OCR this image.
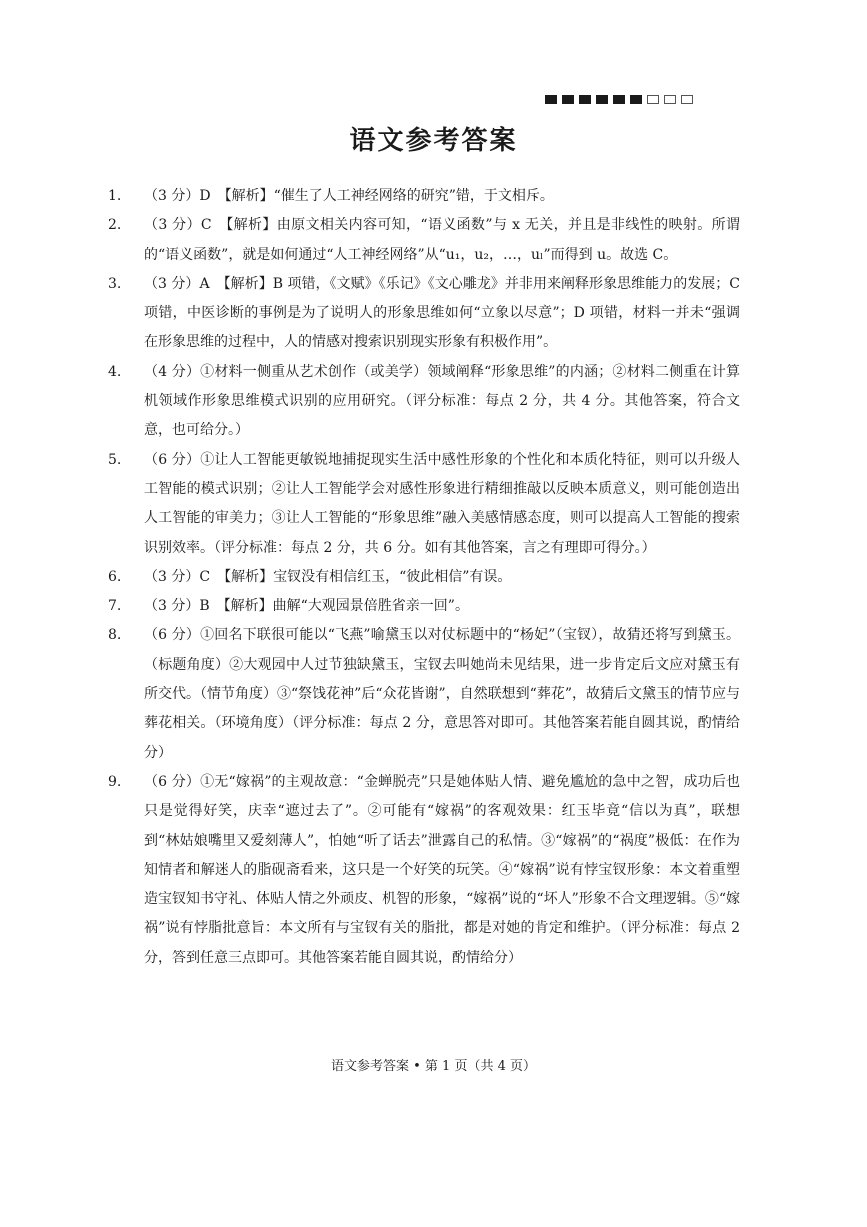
语文参考答案
1.	（3 分）D　【解析】“催生了人工神经网络的研究”错，于文相斥。
2.	（3 分）C　【解析】由原文相关内容可知，“语义函数”与 x 无关，并且是非线性的映射。所谓的“语义函数”，就是如何通过“人工神经网络”从“u₁，u₂，…，uₗ”而得到 u。故选 C。
3.	（3 分）A　【解析】B 项错，《文赋》《乐记》《文心雕龙》并非用来阐释形象思维能力的发展；C 项错，中医诊断的事例是为了说明人的形象思维如何“立象以尽意”；D 项错，材料一并未“强调在形象思维的过程中，人的情感对搜索识别现实形象有积极作用”。
4.	（4 分）①材料一侧重从艺术创作（或美学）领域阐释“形象思维”的内涵；②材料二侧重在计算机领域作形象思维模式识别的应用研究。（评分标准：每点 2 分，共 4 分。其他答案，符合文意，也可给分。）
5.	（6 分）①让人工智能更敏锐地捕捉现实生活中感性形象的个性化和本质化特征，则可以升级人工智能的模式识别；②让人工智能学会对感性形象进行精细推敲以反映本质意义，则可能创造出人工智能的审美力；③让人工智能的“形象思维”融入美感情感态度，则可以提高人工智能的搜索识别效率。（评分标准：每点 2 分，共 6 分。如有其他答案，言之有理即可得分。）
6.	（3 分）C　【解析】宝钗没有相信红玉，“彼此相信”有误。
7.	（3 分）B　【解析】曲解“大观园景倍胜省亲一回”。
8.	（6 分）①回名下联很可能以“飞燕”喻黛玉以对仗标题中的“杨妃”（宝钗），故猜还将写到黛玉。（标题角度）②大观园中人过节独缺黛玉，宝钗去叫她尚未见结果，进一步肯定后文应对黛玉有所交代。（情节角度）③“祭饯花神”后“众花皆谢”，自然联想到“葬花”，故猜后文黛玉的情节应与葬花相关。（环境角度）（评分标准：每点 2 分，意思答对即可。其他答案若能自圆其说，酌情给分）
9.	（6 分）①无“嫁祸”的主观故意：“金蝉脱壳”只是她体贴人情、避免尴尬的急中之智，成功后也只是觉得好笑，庆幸“遮过去了”。②可能有“嫁祸”的客观效果：红玉毕竟“信以为真”，联想到“林姑娘嘴里又爱刻薄人”，怕她“听了话去”泄露自己的私情。③“嫁祸”的“祸度”极低：在作为知情者和解迷人的脂砚斋看来，这只是一个好笑的玩笑。④“嫁祸”说有悖宝钗形象：本文着重塑造宝钗知书守礼、体贴人情之外顽皮、机智的形象，“嫁祸”说的“坏人”形象不合文理逻辑。⑤“嫁祸”说有悖脂批意旨：本文所有与宝钗有关的脂批，都是对她的肯定和维护。（评分标准：每点 2 分，答到任意三点即可。其他答案若能自圆其说，酌情给分）
语文参考答案 • 第 1 页（共 4 页）
